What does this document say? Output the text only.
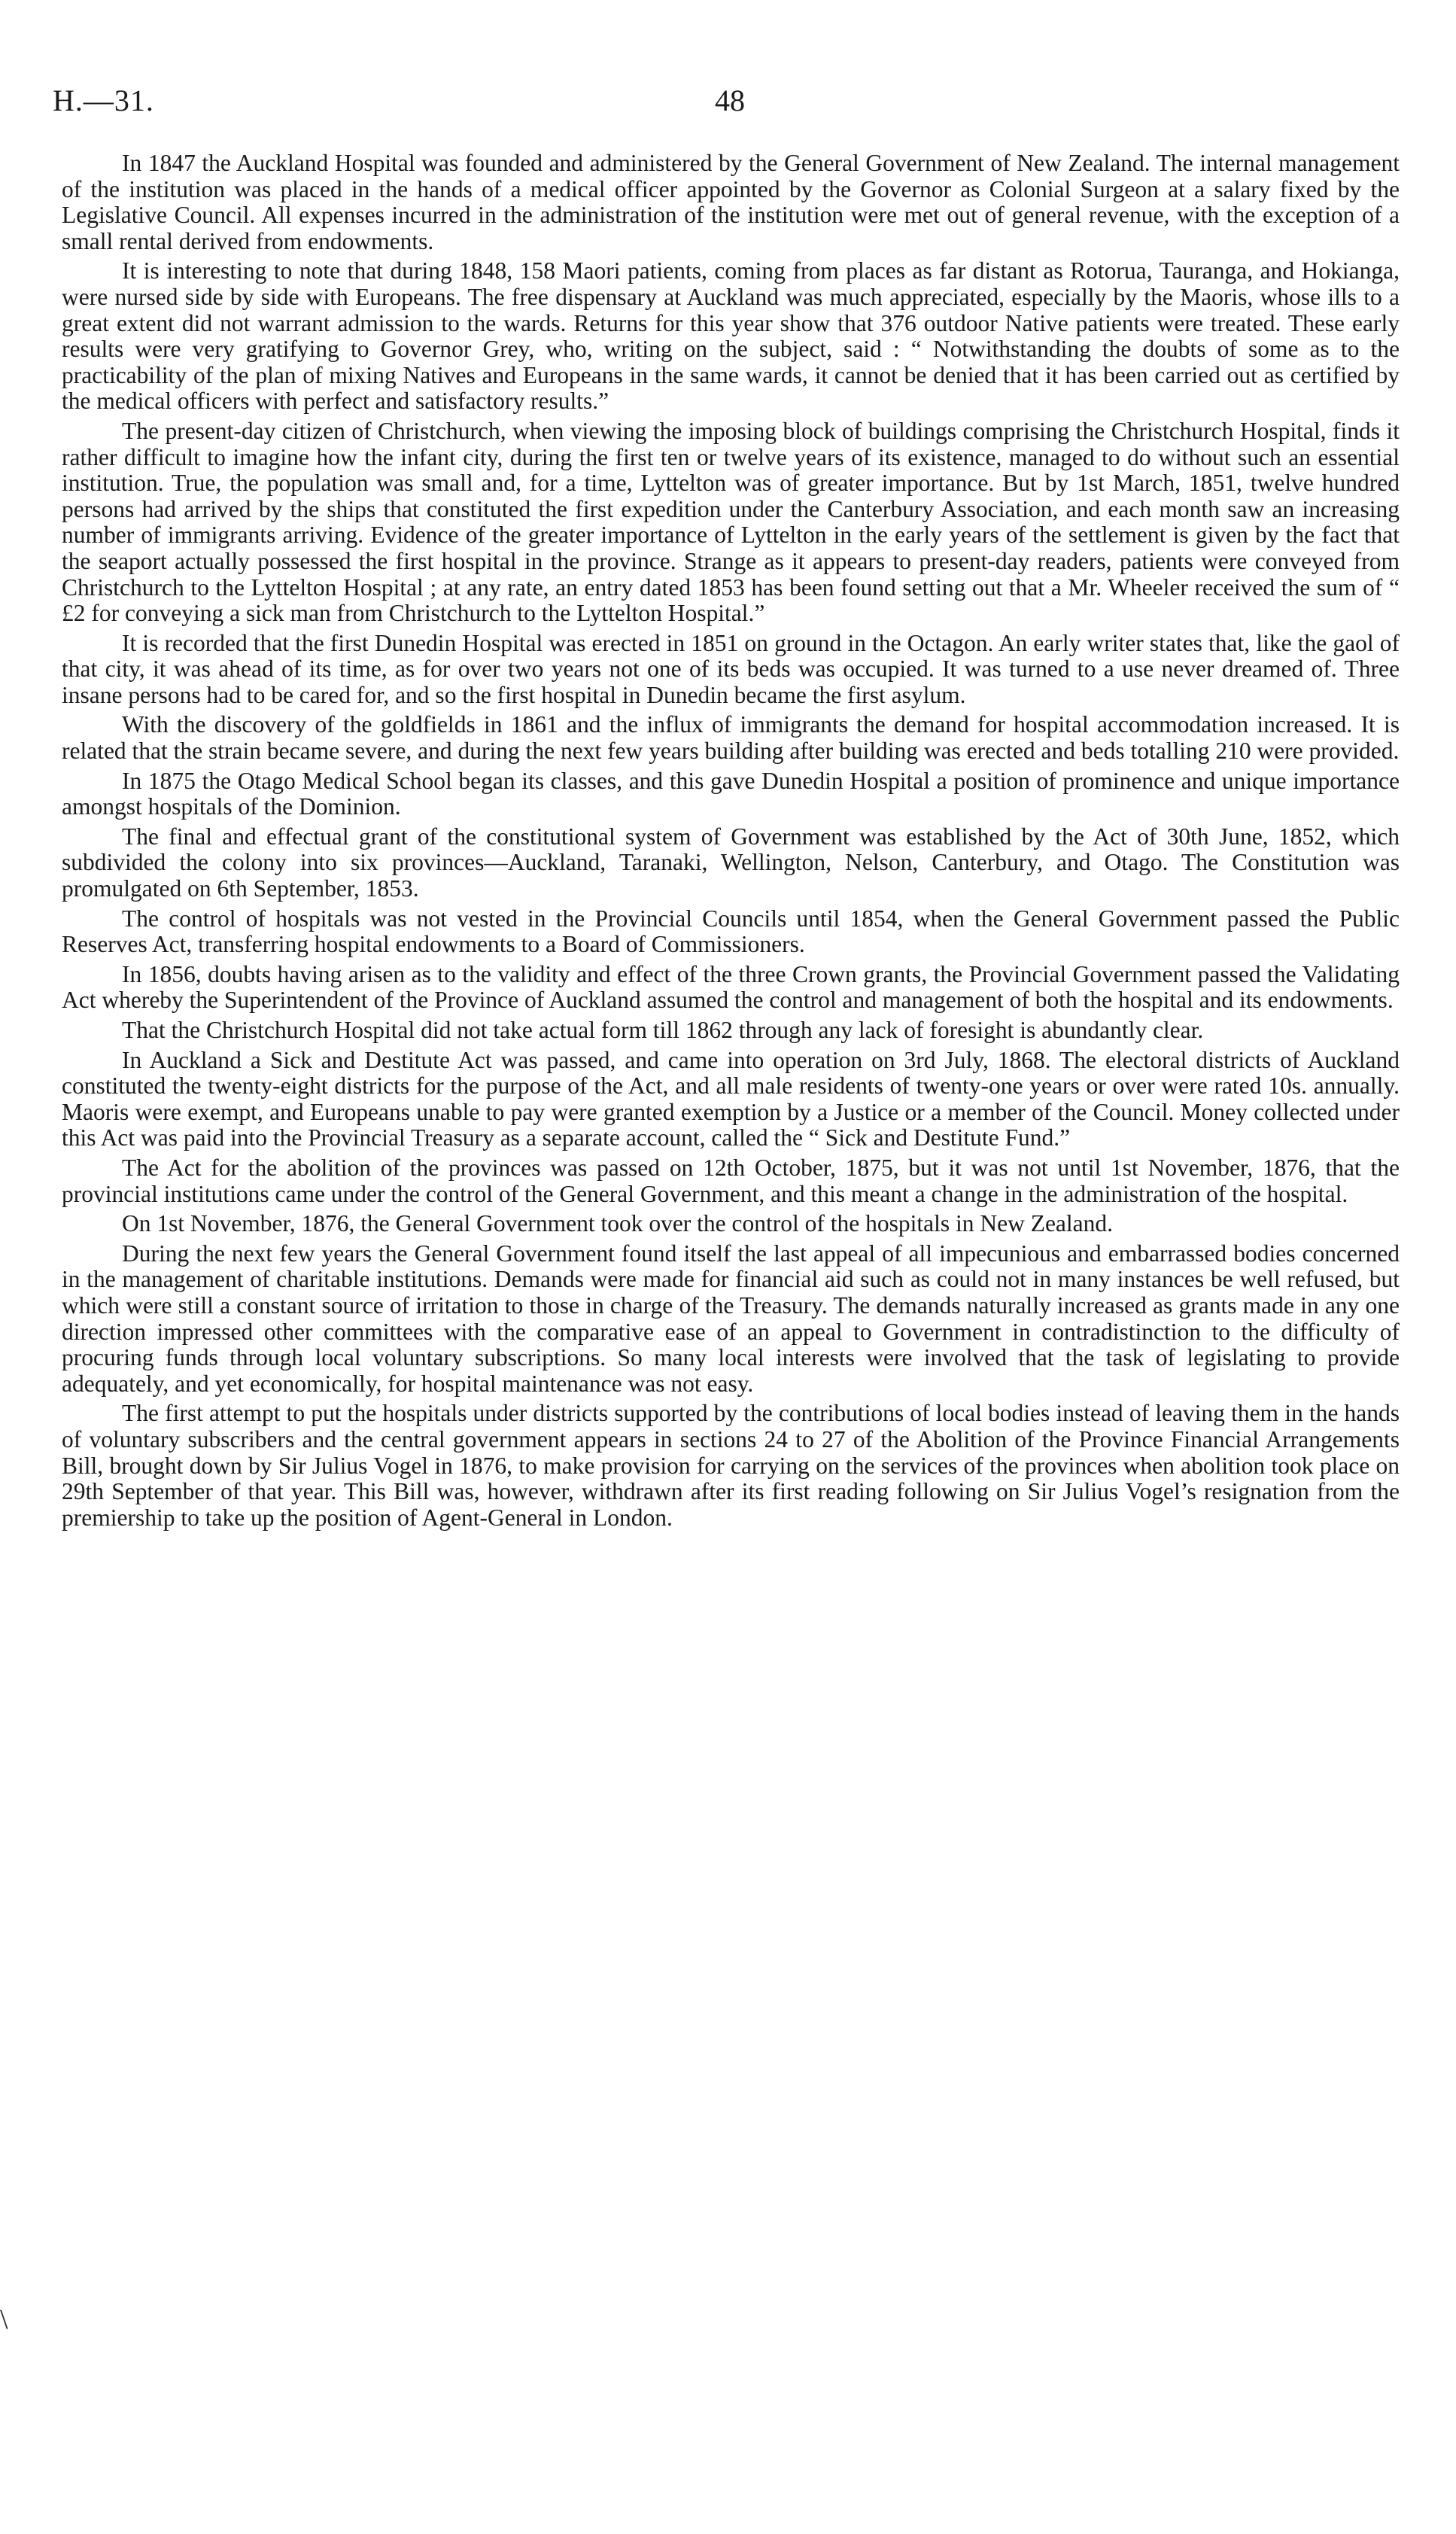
H.—31.	48
\

In 1847 the Auckland Hospital was founded and administered by the General Government of New Zealand. The internal management of the institution was placed in the hands of a medical officer appointed by the Governor as Colonial Surgeon at a salary fixed by the Legislative Council. All expenses incurred in the administration of the institution were met out of general revenue, with the exception of a small rental derived from endowments.

It is interesting to note that during 1848, 158 Maori patients, coming from places as far distant as Rotorua, Tauranga, and Hokianga, were nursed side by side with Europeans. The free dispensary at Auckland was much appreciated, especially by the Maoris, whose ills to a great extent did not warrant admission to the wards. Returns for this year show that 376 outdoor Native patients were treated. These early results were very gratifying to Governor Grey, who, writing on the subject, said : “ Notwithstanding the doubts of some as to the practicability of the plan of mixing Natives and Europeans in the same wards, it cannot be denied that it has been carried out as certified by the medical officers with perfect and satisfactory results.”

The present-day citizen of Christchurch, when viewing the imposing block of buildings comprising the Christchurch Hospital, finds it rather difficult to imagine how the infant city, during the first ten or twelve years of its existence, managed to do without such an essential institution. True, the population was small and, for a time, Lyttelton was of greater importance. But by 1st March, 1851, twelve hundred persons had arrived by the ships that constituted the first expedition under the Canterbury Association, and each month saw an increasing number of immigrants arriving. Evidence of the greater importance of Lyttelton in the early years of the settlement is given by the fact that the seaport actually possessed the first hospital in the province. Strange as it appears to present-day readers, patients were conveyed from Christchurch to the Lyttelton Hospital ; at any rate, an entry dated 1853 has been found setting out that a Mr. Wheeler received the sum of “ £2 for conveying a sick man from Christchurch to the Lyttelton Hospital.”

It is recorded that the first Dunedin Hospital was erected in 1851 on ground in the Octagon. An early writer states that, like the gaol of that city, it was ahead of its time, as for over two years not one of its beds was occupied. It was turned to a use never dreamed of. Three insane persons had to be cared for, and so the first hospital in Dunedin became the first asylum.

With the discovery of the goldfields in 1861 and the influx of immigrants the demand for hospital accommodation increased. It is related that the strain became severe, and during the next few years building after building was erected and beds totalling 210 were provided.

In 1875 the Otago Medical School began its classes, and this gave Dunedin Hospital a position of prominence and unique importance amongst hospitals of the Dominion.

The final and effectual grant of the constitutional system of Government was established by the Act of 30th June, 1852, which subdivided the colony into six provinces—Auckland, Taranaki, Wellington, Nelson, Canterbury, and Otago. The Constitution was promulgated on 6th September, 1853.

The control of hospitals was not vested in the Provincial Councils until 1854, when the General Government passed the Public Reserves Act, transferring hospital endowments to a Board of Commissioners.

In 1856, doubts having arisen as to the validity and effect of the three Crown grants, the Provincial Government passed the Validating Act whereby the Superintendent of the Province of Auckland assumed the control and management of both the hospital and its endowments.

That the Christchurch Hospital did not take actual form till 1862 through any lack of foresight is abundantly clear.

In Auckland a Sick and Destitute Act was passed, and came into operation on 3rd July, 1868. The electoral districts of Auckland constituted the twenty-eight districts for the purpose of the Act, and all male residents of twenty-one years or over were rated 10s. annually. Maoris were exempt, and Europeans unable to pay were granted exemption by a Justice or a member of the Council. Money collected under this Act was paid into the Provincial Treasury as a separate account, called the “ Sick and Destitute Fund.”

The Act for the abolition of the provinces was passed on 12th October, 1875, but it was not until 1st November, 1876, that the provincial institutions came under the control of the General Government, and this meant a change in the administration of the hospital.

On 1st November, 1876, the General Government took over the control of the hospitals in New Zealand.

During the next few years the General Government found itself the last appeal of all impecunious and embarrassed bodies concerned in the management of charitable institutions. Demands were made for financial aid such as could not in many instances be well refused, but which were still a constant source of irritation to those in charge of the Treasury. The demands naturally increased as grants made in any one direction impressed other committees with the comparative ease of an appeal to Government in contradistinction to the difficulty of procuring funds through local voluntary subscriptions. So many local interests were involved that the task of legislating to provide adequately, and yet economically, for hospital maintenance was not easy.

The first attempt to put the hospitals under districts supported by the contributions of local bodies instead of leaving them in the hands of voluntary subscribers and the central government appears in sections 24 to 27 of the Abolition of the Province Financial Arrangements Bill, brought down by Sir Julius Vogel in 1876, to make provision for carrying on the services of the provinces when abolition took place on 29th September of that year. This Bill was, however, withdrawn after its first reading following on Sir Julius Vogel’s resignation from the premiership to take up the position of Agent-General in London.
